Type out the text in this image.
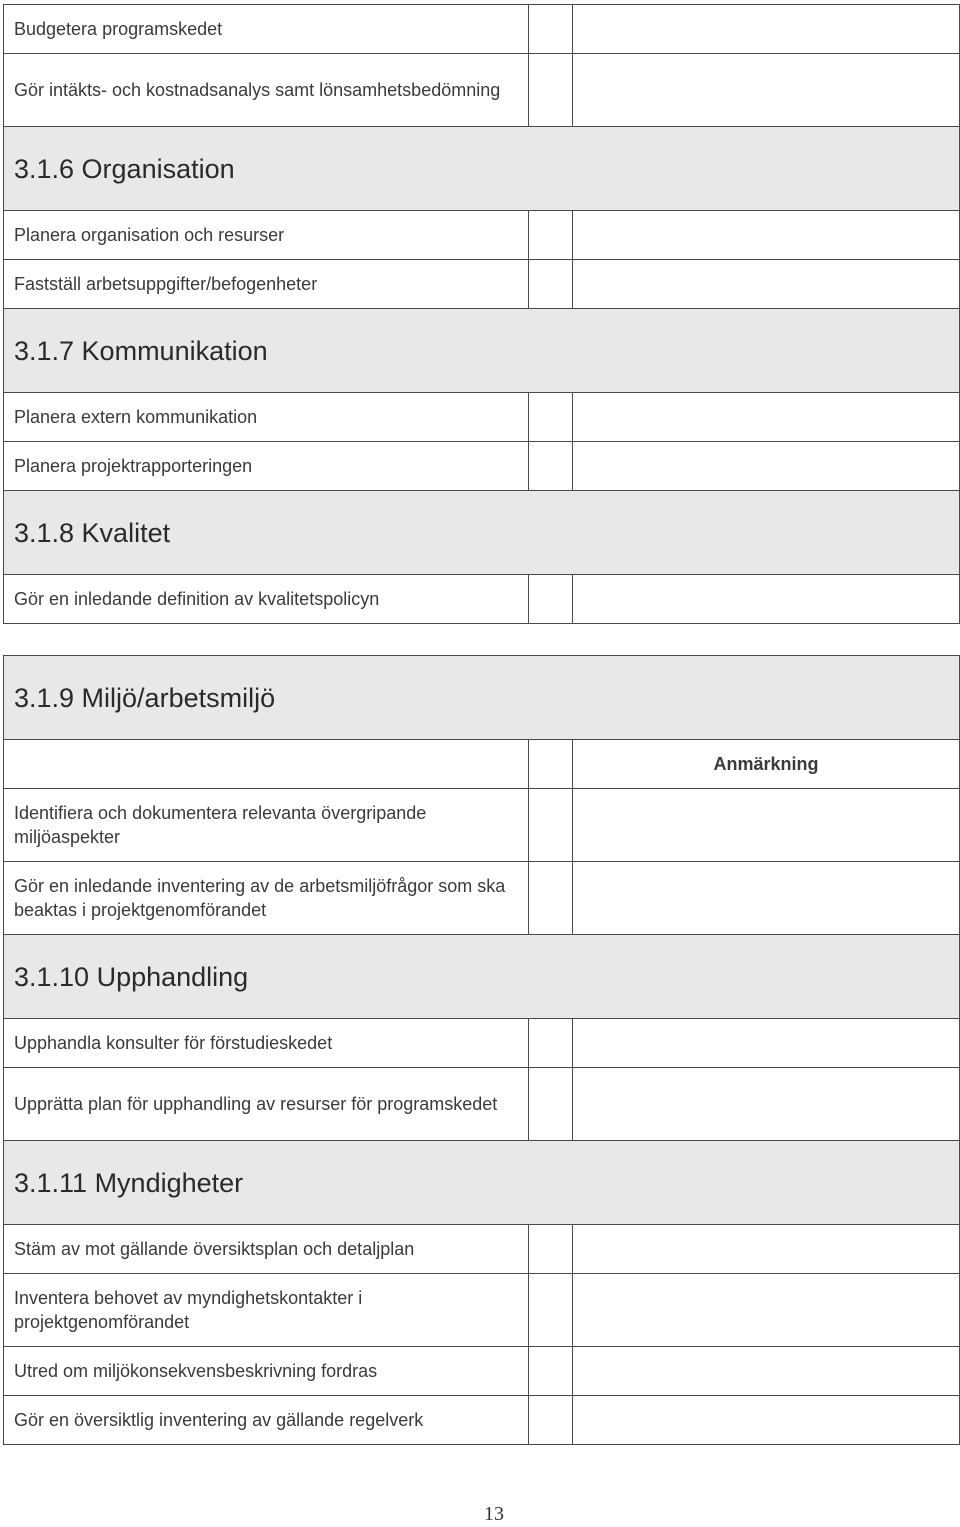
Budgetera programskedet		
Gör intäkts- och kostnadsanalys samt lönsamhetsbedömning		
3.1.6 Organisation		
Planera organisation och resurser		
Fastställ arbetsuppgifter/befogenheter		
3.1.7 Kommunikation		
Planera extern kommunikation		
Planera projektrapporteringen		
3.1.8 Kvalitet		
Gör en inledande definition av kvalitetspolicyn		
3.1.9 Miljö/arbetsmiljö		
		Anmärkning
Identifiera och dokumentera relevanta övergripande miljöaspekter		
Gör en inledande inventering av de arbetsmiljöfrågor som ska beaktas i projektgenomförandet		
3.1.10 Upphandling		
Upphandla konsulter för förstudieskedet		
Upprätta plan för upphandling av resurser för programskedet		
3.1.11 Myndigheter		
Stäm av mot gällande översiktsplan och detaljplan		
Inventera behovet av myndighetskontakter i projektgenomförandet		
Utred om miljökonsekvensbeskrivning fordras		
Gör en översiktlig inventering av gällande regelverk		
13
